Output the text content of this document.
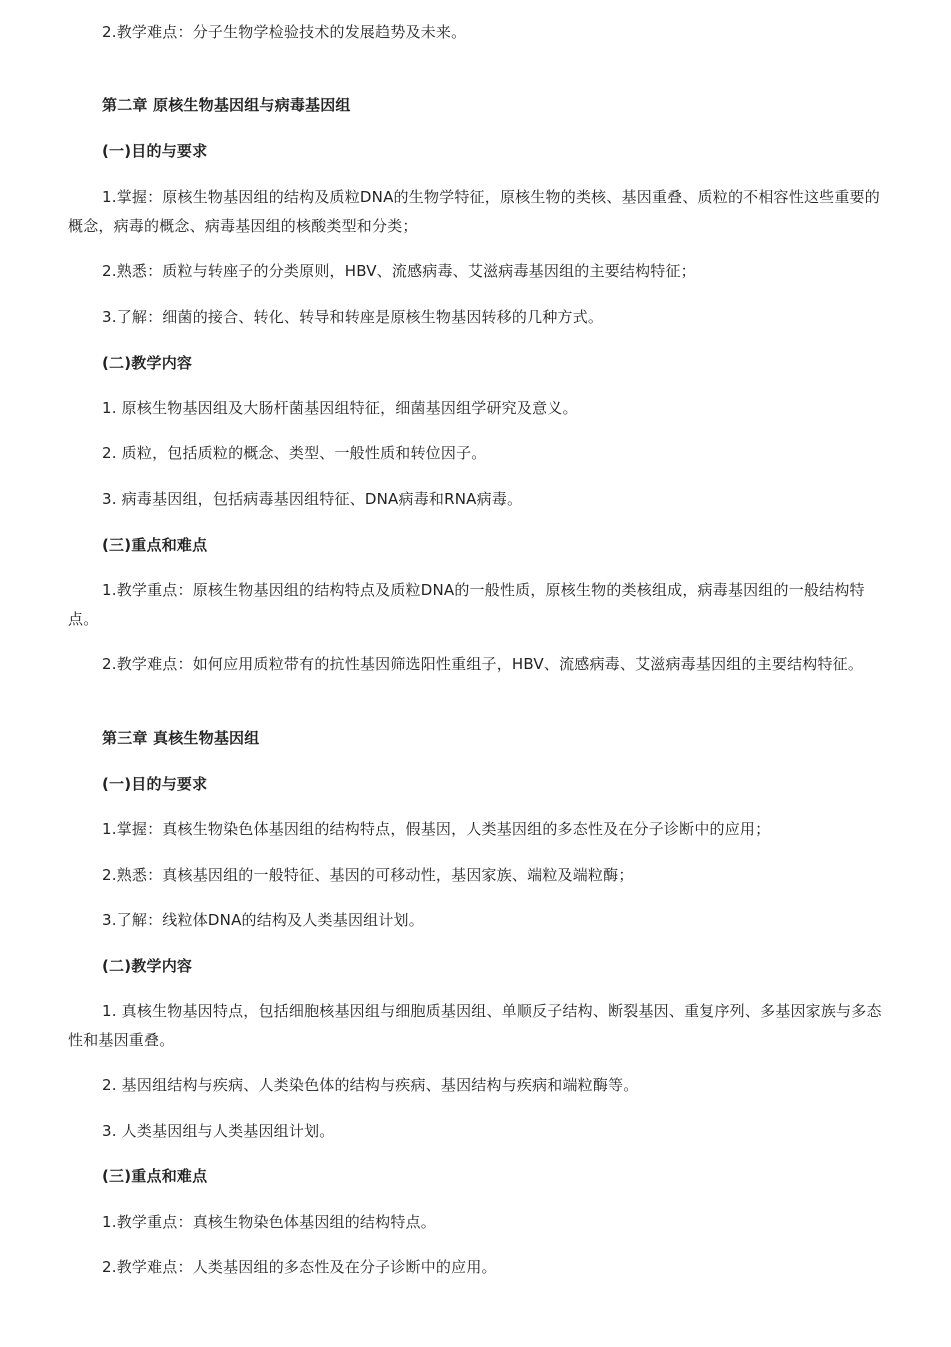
2.教学难点：分子生物学检验技术的发展趋势及未来。

第二章 原核生物基因组与病毒基因组

(一)目的与要求

1.掌握：原核生物基因组的结构及质粒DNA的生物学特征，原核生物的类核、基因重叠、质粒的不相容性这些重要的概念，病毒的概念、病毒基因组的核酸类型和分类；

2.熟悉：质粒与转座子的分类原则，HBV、流感病毒、艾滋病毒基因组的主要结构特征；

3.了解：细菌的接合、转化、转导和转座是原核生物基因转移的几种方式。

(二)教学内容

1. 原核生物基因组及大肠杆菌基因组特征，细菌基因组学研究及意义。

2. 质粒，包括质粒的概念、类型、一般性质和转位因子。

3. 病毒基因组，包括病毒基因组特征、DNA病毒和RNA病毒。

(三)重点和难点

1.教学重点：原核生物基因组的结构特点及质粒DNA的一般性质，原核生物的类核组成，病毒基因组的一般结构特点。

2.教学难点：如何应用质粒带有的抗性基因筛选阳性重组子，HBV、流感病毒、艾滋病毒基因组的主要结构特征。

第三章 真核生物基因组

(一)目的与要求

1.掌握：真核生物染色体基因组的结构特点，假基因，人类基因组的多态性及在分子诊断中的应用；

2.熟悉：真核基因组的一般特征、基因的可移动性，基因家族、端粒及端粒酶；

3.了解：线粒体DNA的结构及人类基因组计划。

(二)教学内容

1. 真核生物基因特点，包括细胞核基因组与细胞质基因组、单顺反子结构、断裂基因、重复序列、多基因家族与多态性和基因重叠。

2. 基因组结构与疾病、人类染色体的结构与疾病、基因结构与疾病和端粒酶等。

3. 人类基因组与人类基因组计划。

(三)重点和难点

1.教学重点：真核生物染色体基因组的结构特点。

2.教学难点：人类基因组的多态性及在分子诊断中的应用。
